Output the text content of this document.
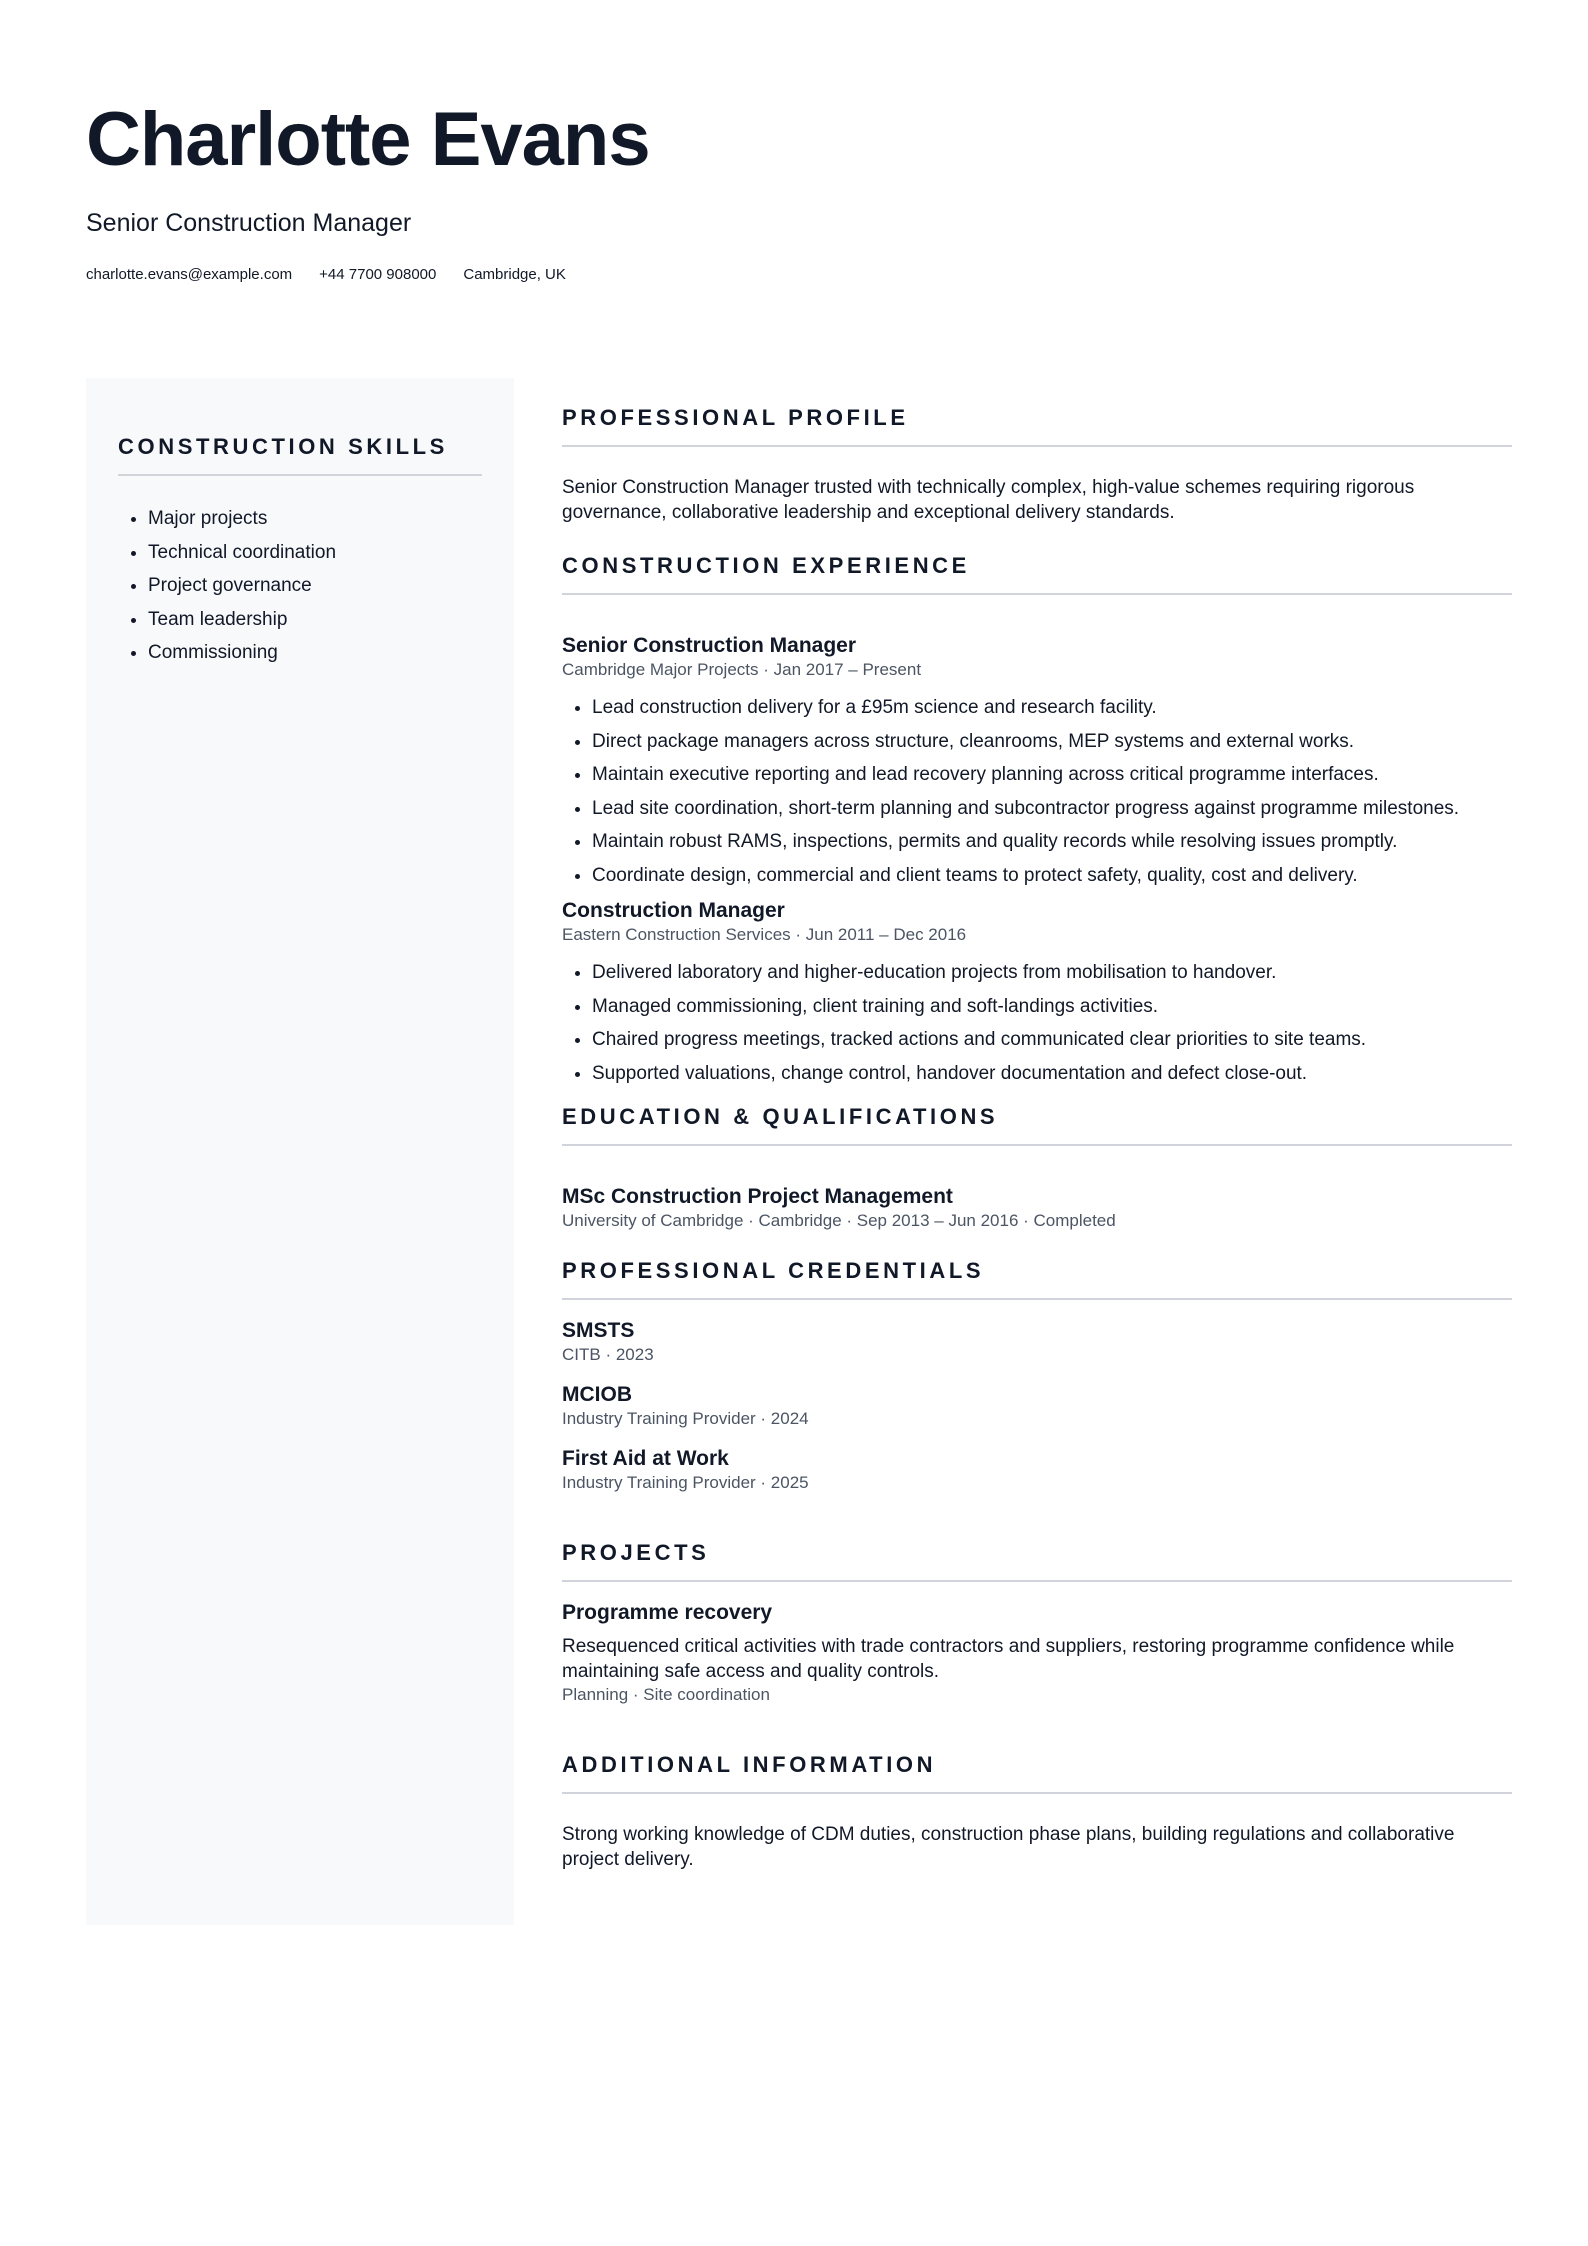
Charlotte Evans
Senior Construction Manager
charlotte.evans@example.com +44 7700 908000 Cambridge, UK
CONSTRUCTION SKILLS
• Major projects
• Technical coordination
• Project governance
• Team leadership
• Commissioning
PROFESSIONAL PROFILE

Senior Construction Manager trusted with technically complex, high-value schemes requiring rigorous governance, collaborative leadership and exceptional delivery standards.

CONSTRUCTION EXPERIENCE
Senior Construction Manager
Cambridge Major Projects · Jan 2017 – Present
• Lead construction delivery for a £95m science and research facility.
• Direct package managers across structure, cleanrooms, MEP systems and external works.
• Maintain executive reporting and lead recovery planning across critical programme interfaces.
• Lead site coordination, short-term planning and subcontractor progress against programme milestones.
• Maintain robust RAMS, inspections, permits and quality records while resolving issues promptly.
• Coordinate design, commercial and client teams to protect safety, quality, cost and delivery.
Construction Manager
Eastern Construction Services · Jun 2011 – Dec 2016
• Delivered laboratory and higher-education projects from mobilisation to handover.
• Managed commissioning, client training and soft-landings activities.
• Chaired progress meetings, tracked actions and communicated clear priorities to site teams.
• Supported valuations, change control, handover documentation and defect close-out.
EDUCATION & QUALIFICATIONS
MSc Construction Project Management
University of Cambridge · Cambridge · Sep 2013 – Jun 2016 · Completed
PROFESSIONAL CREDENTIALS
SMSTS
CITB · 2023
MCIOB
Industry Training Provider · 2024
First Aid at Work
Industry Training Provider · 2025
PROJECTS
Programme recovery

Resequenced critical activities with trade contractors and suppliers, restoring programme confidence while maintaining safe access and quality controls.

Planning · Site coordination
ADDITIONAL INFORMATION

Strong working knowledge of CDM duties, construction phase plans, building regulations and collaborative project delivery.
